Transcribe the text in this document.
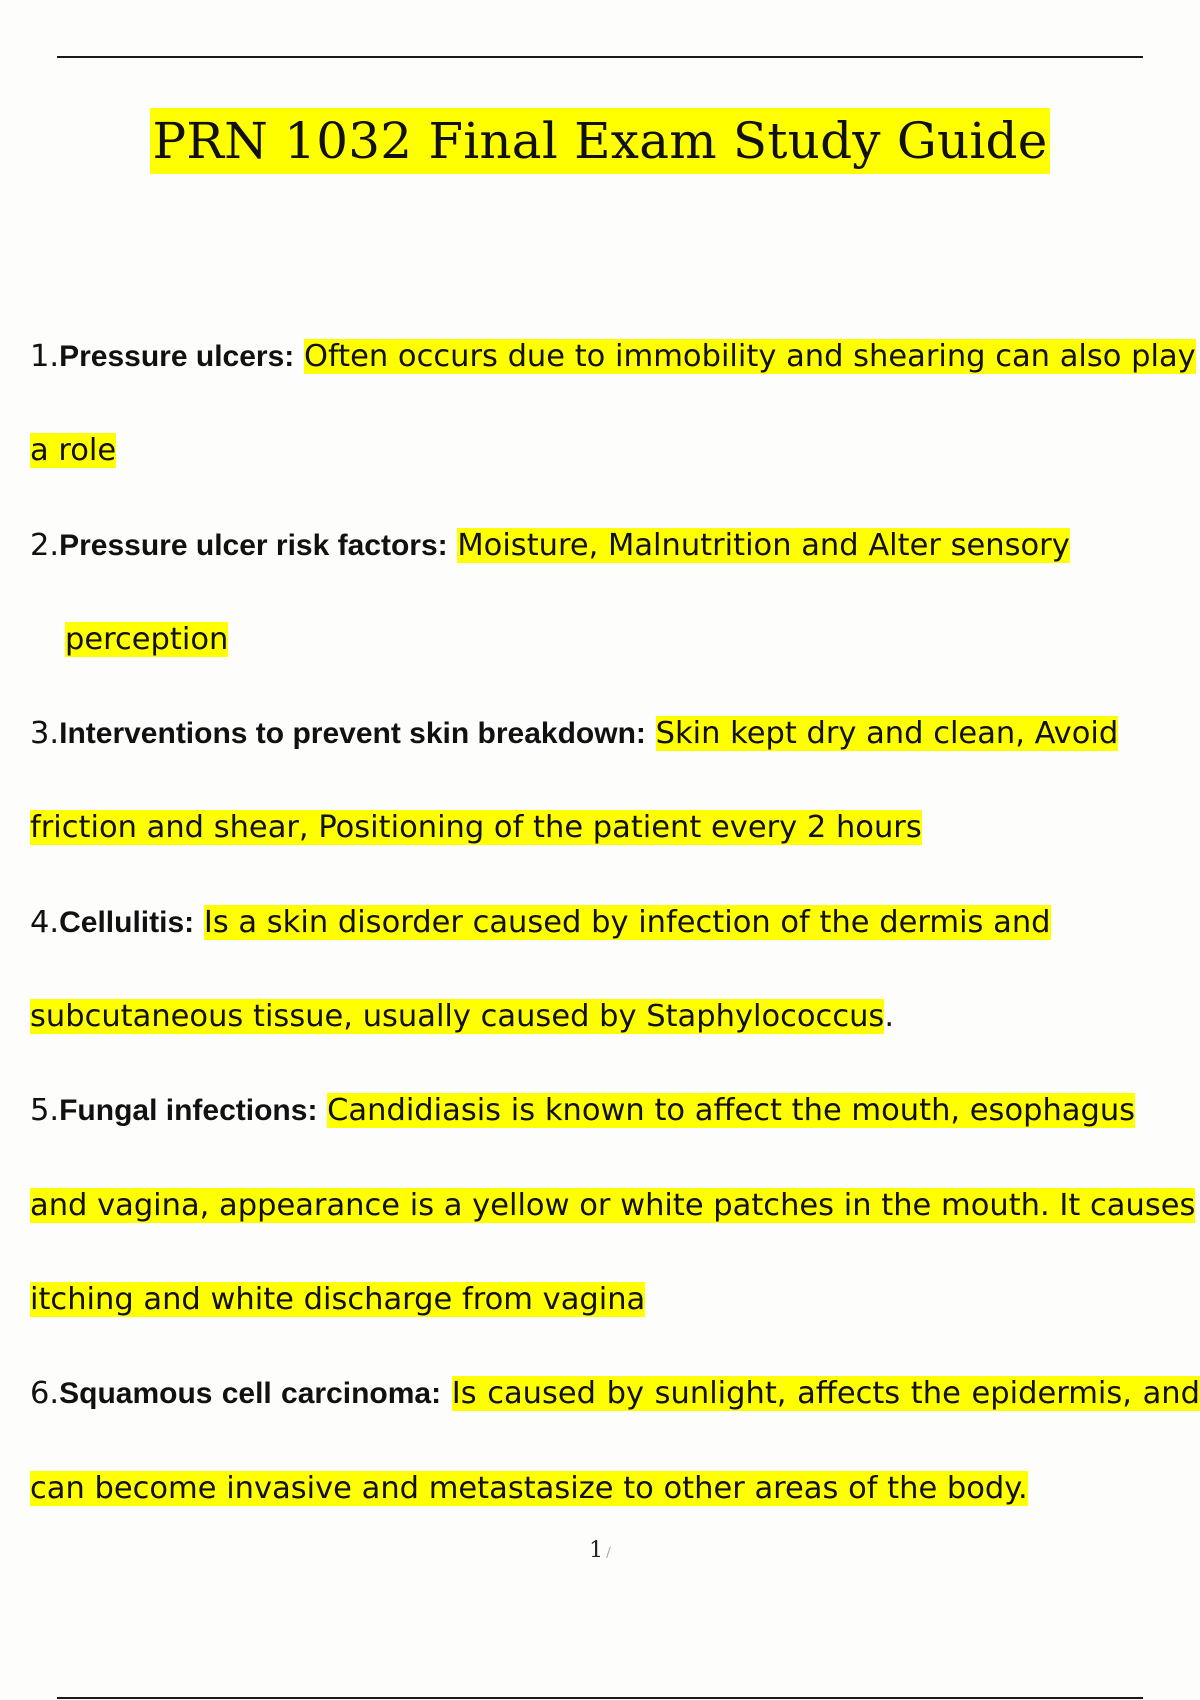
PRN 1032 Final Exam Study Guide

1.Pressure ulcers: Often occurs due to immobility and shearing can also play a role

2.Pressure ulcer risk factors: Moisture, Malnutrition and Alter sensory
perception

3.Interventions to prevent skin breakdown: Skin kept dry and clean, Avoid friction and shear, Positioning of the patient every 2 hours

4.Cellulitis: Is a skin disorder caused by infection of the dermis and subcutaneous tissue, usually caused by Staphylococcus.

5.Fungal infections: Candidiasis is known to affect the mouth, esophagus and vagina, appearance is a yellow or white patches in the mouth. It causes itching and white discharge from vagina

6.Squamous cell carcinoma: Is caused by sunlight, affects the epidermis, and can become invasive and metastasize to other areas of the body.

1 /
